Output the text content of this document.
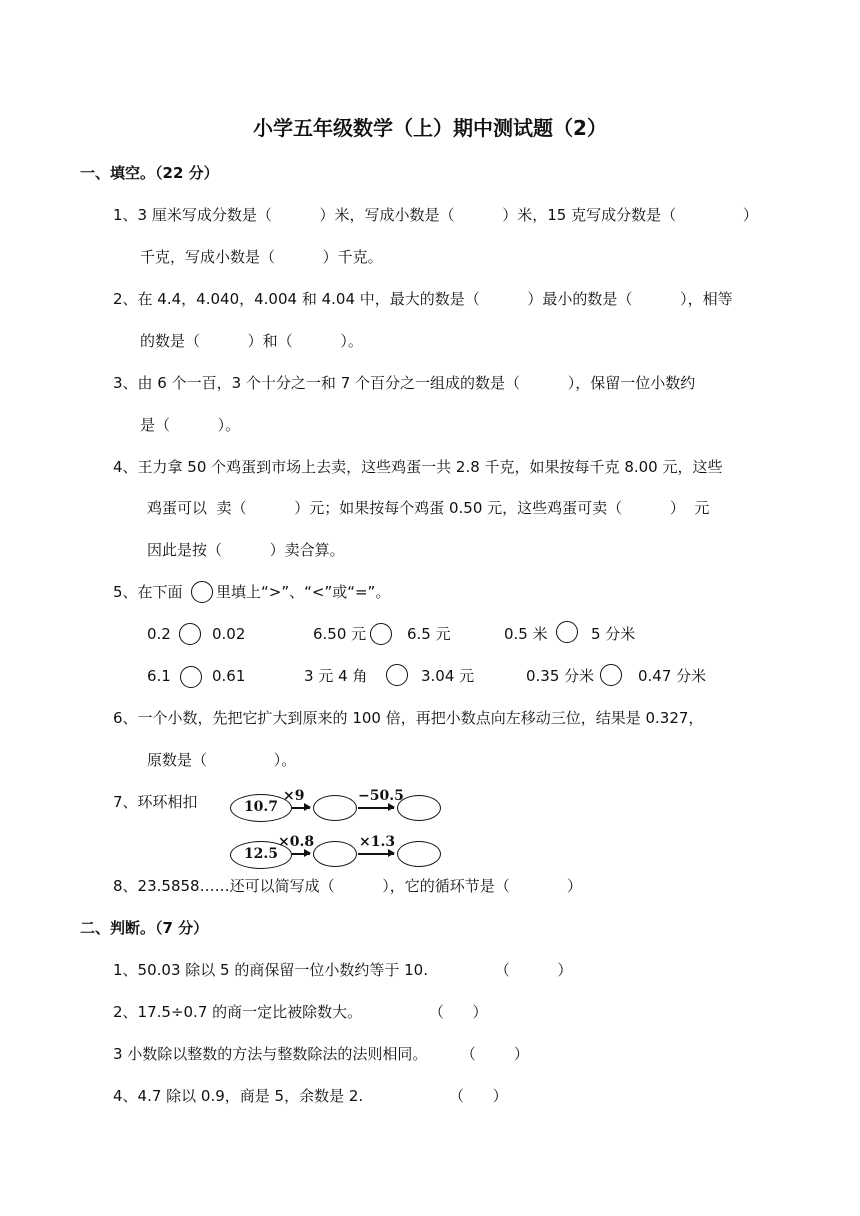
小学五年级数学（上）期中测试题（2）
一、填空。（22 分）
1、3 厘米写成分数是（          ）米，写成小数是（          ）米，15 克写成分数是（              ）
千克，写成小数是（          ）千克。
2、在 4.4，4.040，4.004 和 4.04 中，最大的数是（          ）最小的数是（          ），相等
的数是（          ）和（          ）。
3、由 6 个一百，3 个十分之一和 7 个百分之一组成的数是（          ），保留一位小数约
是（          ）。
4、王力拿 50 个鸡蛋到市场上去卖，这些鸡蛋一共 2.8 千克，如果按每千克 8.00 元，这些
鸡蛋可以  卖（          ）元；如果按每个鸡蛋 0.50 元，这些鸡蛋可卖（          ）  元
因此是按（          ）卖合算。
5、在下面 里填上“>”、“<”或“=”。
0.2	0.02	6.50 元	6.5 元	0.5 米	5 分米
6.1	0.61	3 元 4 角	3.04 元	0.35 分米	0.47 分米
6、一个小数，先把它扩大到原来的 100 倍，再把小数点向左移动三位，结果是 0.327，
原数是（              ）。
7、环环相扣	10.7
×9	−50.5
12.5
×0.8	×1.3
8、23.5858……还可以简写成（          ），它的循环节是（            ）
二、判断。（7 分）
1、50.03 除以 5 的商保留一位小数约等于 10.              （          ）
2、17.5÷0.7 的商一定比被除数大。              （      ）
3 小数除以整数的方法与整数除法的法则相同。       （        ）
4、4.7 除以 0.9，商是 5，余数是 2.                  （      ）
